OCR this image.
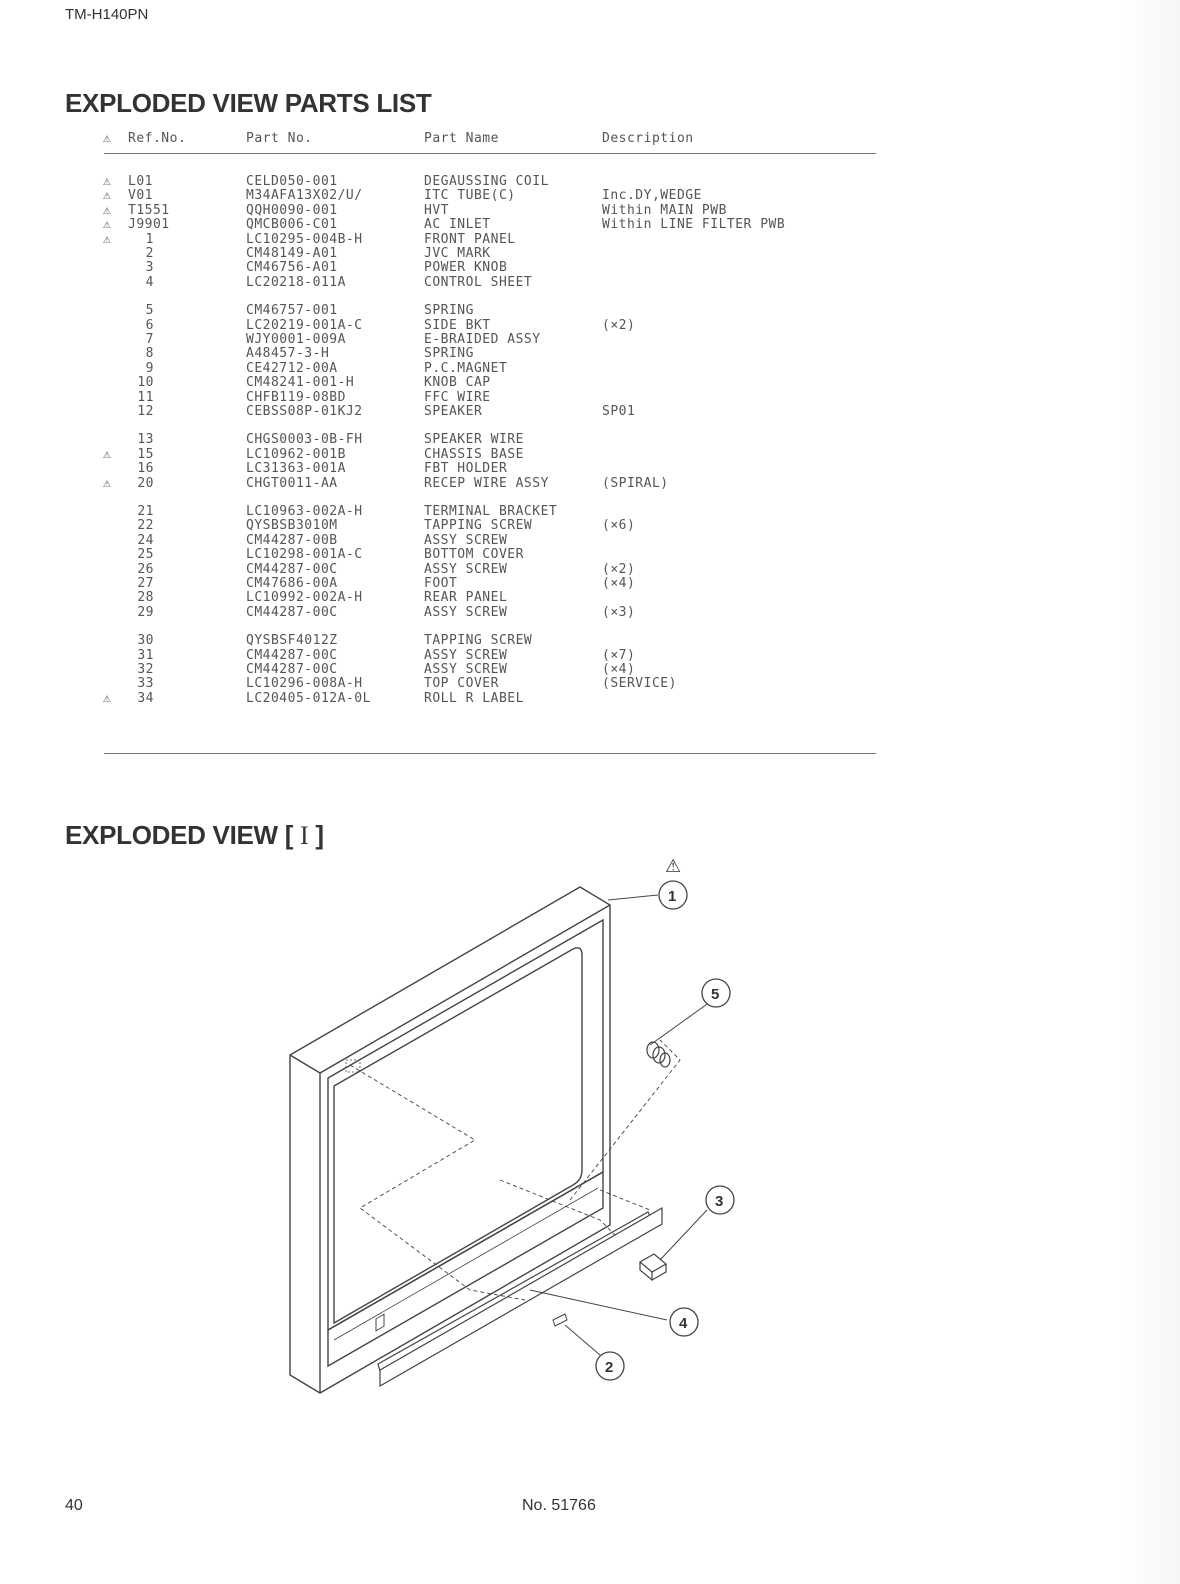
TM-H140PN
EXPLODED VIEW PARTS LIST
⚠ Ref.No.	Part No.	Part Name	Description
⚠	L01	CELD050-001	DEGAUSSING COIL
⚠	V01	M34AFA13X02/U/	ITC TUBE(C)	Inc.DY,WEDGE
⚠	T1551	QQH0090-001	HVT	Within MAIN PWB
⚠	J9901	QMCB006-C01	AC INLET	Within LINE FILTER PWB
⚠	1	LC10295-004B-H	FRONT PANEL
2	CM48149-A01	JVC MARK
3	CM46756-A01	POWER KNOB
4	LC20218-011A	CONTROL SHEET
5	CM46757-001	SPRING
6	LC20219-001A-C	SIDE BKT	(×2)
7	WJY0001-009A	E-BRAIDED ASSY
8	A48457-3-H	SPRING
9	CE42712-00A	P.C.MAGNET
10	CM48241-001-H	KNOB CAP
11	CHFB119-08BD	FFC WIRE
12	CEBSS08P-01KJ2	SPEAKER	SP01
13	CHGS0003-0B-FH	SPEAKER WIRE
⚠	15	LC10962-001B	CHASSIS BASE
16	LC31363-001A	FBT HOLDER
⚠	20	CHGT0011-AA	RECEP WIRE ASSY	(SPIRAL)
21	LC10963-002A-H	TERMINAL BRACKET
22	QYSBSB3010M	TAPPING SCREW	(×6)
24	CM44287-00B	ASSY SCREW
25	LC10298-001A-C	BOTTOM COVER
26	CM44287-00C	ASSY SCREW	(×2)
27	CM47686-00A	FOOT	(×4)
28	LC10992-002A-H	REAR PANEL
29	CM44287-00C	ASSY SCREW	(×3)
30	QYSBSF4012Z	TAPPING SCREW
31	CM44287-00C	ASSY SCREW	(×7)
32	CM44287-00C	ASSY SCREW	(×4)
33	LC10296-008A-H	TOP COVER	(SERVICE)
⚠	34	LC20405-012A-0L	ROLL R LABEL
EXPLODED VIEW [ I ]
1
5
3
4
2
⚠
40	No. 51766
